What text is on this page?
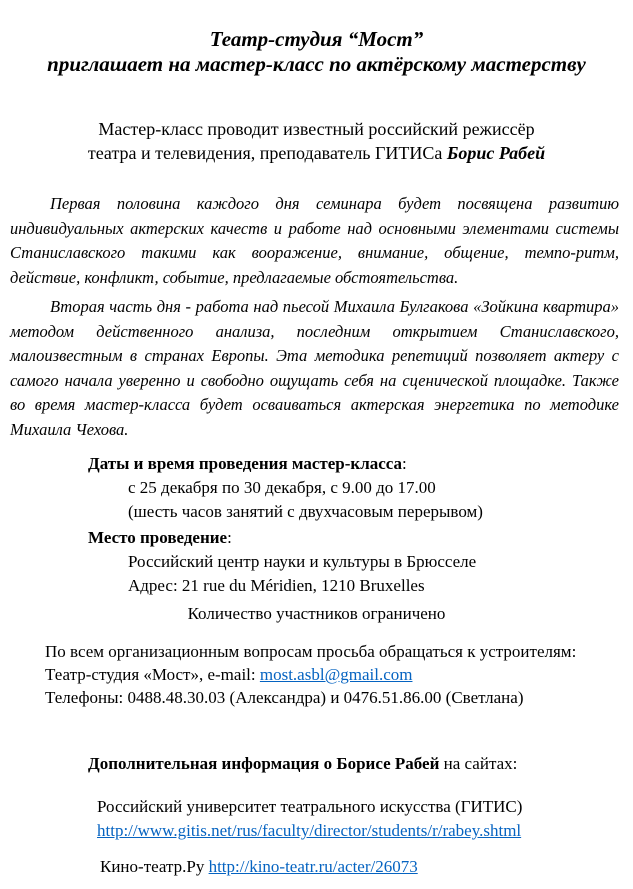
Театр-студия “Мост”
приглашает на мастер-класс по актёрскому мастерству
Мастер-класс проводит известный российский режиссёр
театра и телевидения, преподаватель ГИТИСа Борис Рабей

Первая половина каждого дня семинара будет посвящена развитию индивидуальных актерских качеств и работе над основными элементами системы Станиславского такими как вооражение, внимание, общение, темпо-ритм, действие, конфликт, событие, предлагаемые обстоятельства.

Вторая часть дня - работа над пьесой Михаила Булгакова «Зойкина квартира» методом действенного анализа, последним открытием Станиславского, малоизвестным в странах Европы. Эта методика репетиций позволяет актеру с самого начала уверенно и свободно ощущать себя на сценической площадке. Также во время мастер-класса будет осваиваться актерская энергетика по методике Михаила Чехова.

Даты и время проведения мастер-класса:
с 25 декабря по 30 декабря, с 9.00 до 17.00
(шесть часов занятий с двухчасовым перерывом)
Место проведение:
Российский центр науки и культуры в Брюсселе
Адрес: 21 rue du Méridien, 1210 Bruxelles
Количество участников ограничено
По всем организационным вопросам просьба обращаться к устроителям:
Театр-студия «Мост», e-mail: most.asbl@gmail.com
Телефоны: 0488.48.30.03 (Александра) и 0476.51.86.00 (Светлана)
Дополнительная информация о Борисе Рабей на сайтах:
Российский университет театрального искусства (ГИТИС)
http://www.gitis.net/rus/faculty/director/students/r/rabey.shtml
Кино-театр.Ру http://kino-teatr.ru/acter/26073
